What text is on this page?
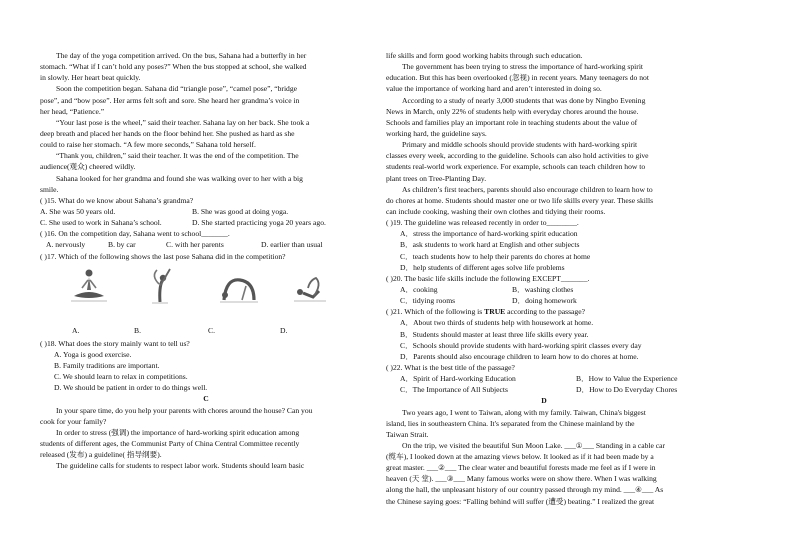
The day of the yoga competition arrived. On the bus, Sahana had a butterfly in her
stomach. “What if I can’t hold any poses?” When the bus stopped at school, she walked
in slowly. Her heart beat quickly.
Soon the competition began. Sahana did “triangle pose”, “camel pose”, “bridge
pose”, and “bow pose”. Her arms felt soft and sore. She heard her grandma’s voice in
her head, “Patience.”
“Your last pose is the wheel,” said their teacher. Sahana lay on her back. She took a
deep breath and placed her hands on the floor behind her. She pushed as hard as she
could to raise her stomach. “A few more seconds,” Sahana told herself.
“Thank you, children,” said their teacher. It was the end of the competition. The
audience(观众) cheered wildly.
Sahana looked for her grandma and found she was walking over to her with a big
smile.
( )15. What do we know about Sahana’s grandma?
A. She was 50 years old.	B. She was good at doing yoga.
C. She used to work in Sahana’s school.	D. She started practicing yoga 20 years ago.
( )16. On the competition day, Sahana went to school_______.
A. nervously	B. by car	C. with her parents	D. earlier than usual
( )17. Which of the following shows the last pose Sahana did in the competition?
A.	B.	C.	D.
( )18. What does the story mainly want to tell us?
A. Yoga is good exercise.
B. Family traditions are important.
C. We should learn to relax in competitions.
D. We should be patient in order to do things well.
C
In your spare time, do you help your parents with chores around the house? Can you
cook for your family?
In order to stress (强调) the importance of hard-working spirit education among
students of different ages, the Communist Party of China Central Committee recently
released (发布) a guideline( 指导纲要).
The guideline calls for students to respect labor work. Students should learn basic
life skills and form good working habits through such education.
The government has been trying to stress the importance of hard-working spirit
education. But this has been overlooked (忽视) in recent years. Many teenagers do not
value the importance of working hard and aren’t interested in doing so.
According to a study of nearly 3,000 students that was done by Ningbo Evening
News in March, only 22% of students help with everyday chores around the house.
Schools and families play an important role in teaching students about the value of
working hard, the guideline says.
Primary and middle schools should provide students with hard-working spirit
classes every week, according to the guideline. Schools can also hold activities to give
students real-world work experience. For example, schools can teach children how to
plant trees on Tree-Planting Day.
As children’s first teachers, parents should also encourage children to learn how to
do chores at home. Students should master one or two life skills every year. These skills
can include cooking, washing their own clothes and tidying their rooms.
( )19. The guideline was released recently in order to________.
A．stress the importance of hard-working spirit education
B．ask students to work hard at English and other subjects
C．teach students how to help their parents do chores at home
D．help students of different ages solve life problems
( )20. The basic life skills include the following EXCEPT_______.
A．cooking	B．washing clothes
C．tidying rooms	D．doing homework
( )21. Which of the following is TRUE according to the passage?
A．About two thirds of students help with housework at home.
B．Students should master at least three life skills every year.
C．Schools should provide students with hard-working spirit classes every day
D．Parents should also encourage children to learn how to do chores at home.
( )22. What is the best title of the passage?
A．Spirit of Hard-working Education	B．How to Value the Experience
C．The Importance of All Subjects	D．How to Do Everyday Chores
D
Two years ago, I went to Taiwan, along with my family. Taiwan, China's biggest
island, lies in southeastern China. It's separated from the Chinese mainland by the
Taiwan Strait.
On the trip, we visited the beautiful Sun Moon Lake. ___①___ Standing in a cable car
(缆车), I looked down at the amazing views below. It looked as if it had been made by a
great master. ___②___ The clear water and beautiful forests made me feel as if I were in
heaven (天 堂). ___③___ Many famous works were on show there. When I was walking
along the hall, the unpleasant history of our country passed through my mind. ___④___ As
the Chinese saying goes: “Falling behind will suffer (遭受) beating.” I realized the great
